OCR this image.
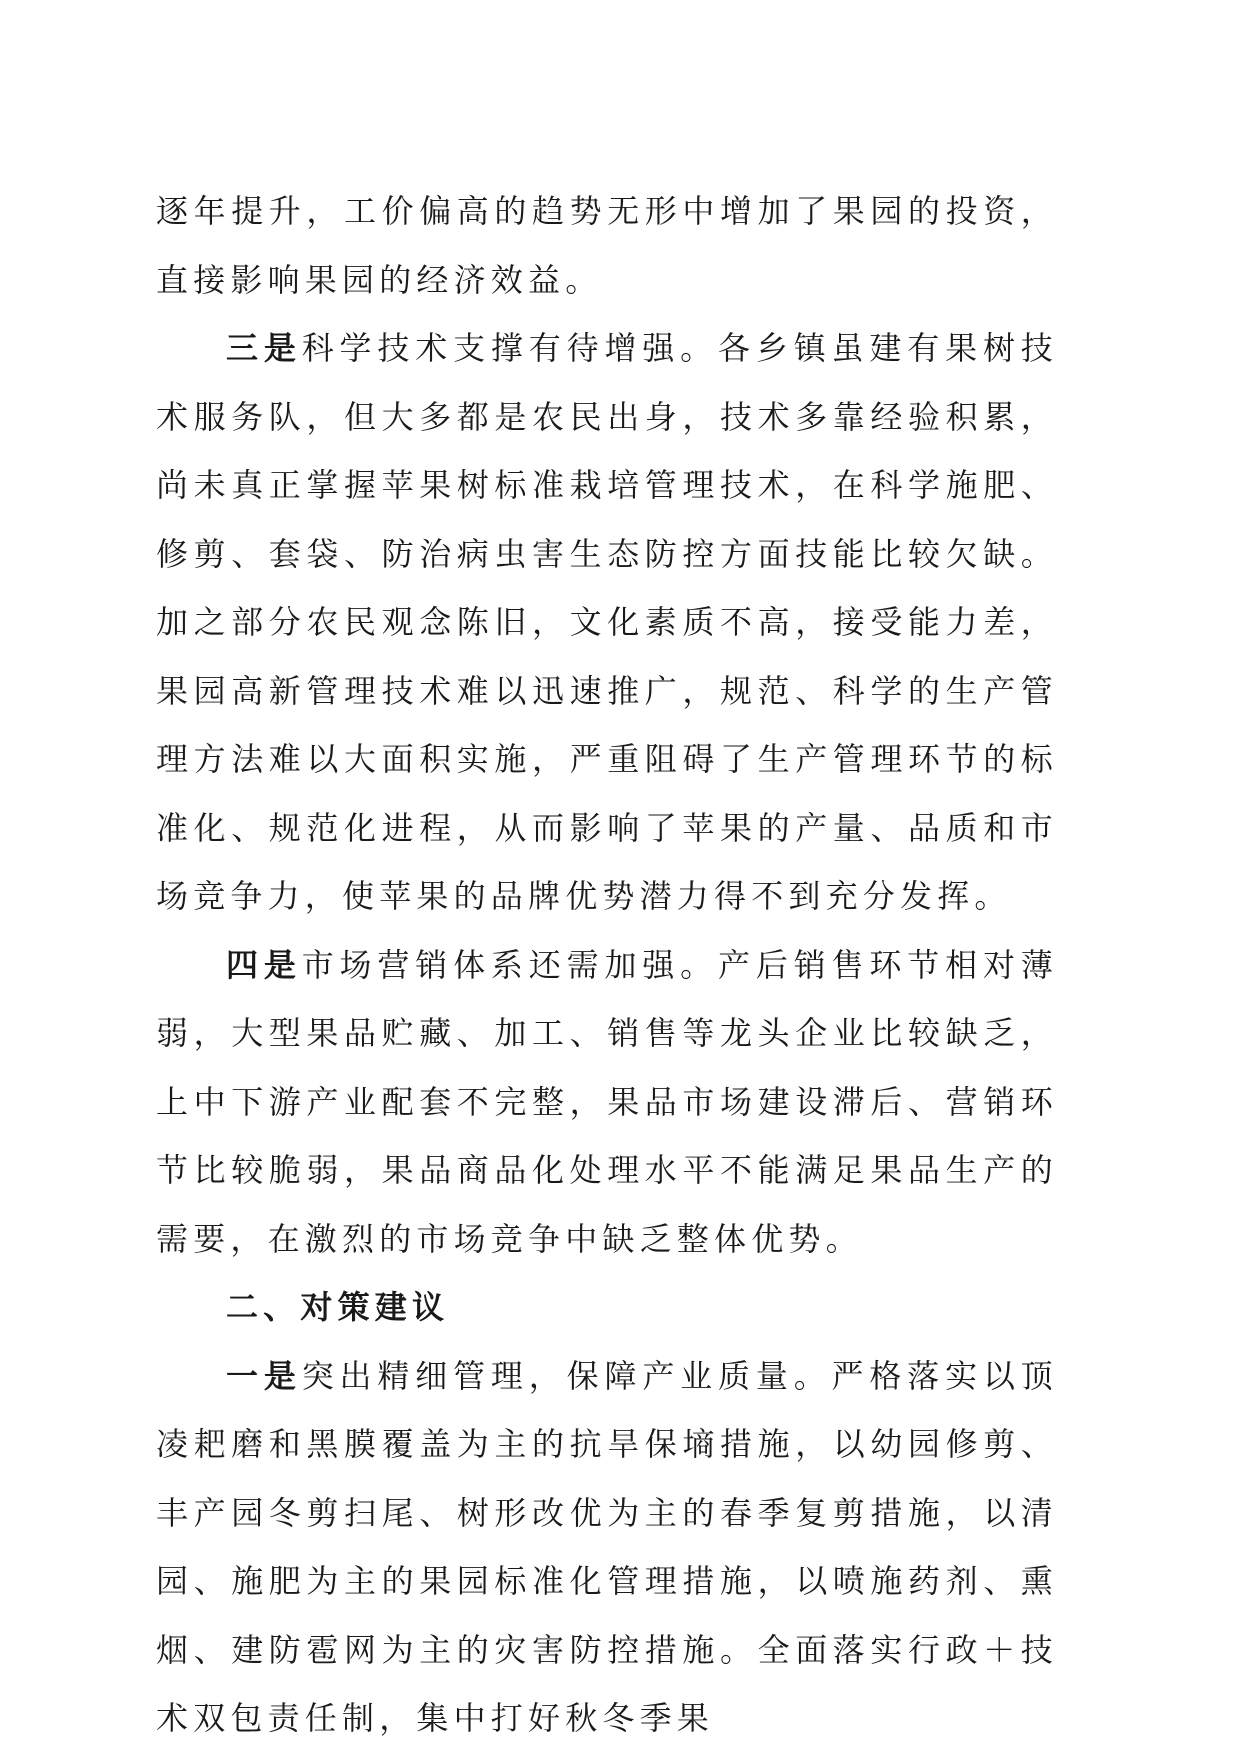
逐年提升，工价偏高的趋势无形中增加了果园的投资，直接影响果园的经济效益。

三是科学技术支撑有待增强。各乡镇虽建有果树技术服务队，但大多都是农民出身，技术多靠经验积累，尚未真正掌握苹果树标准栽培管理技术，在科学施肥、修剪、套袋、防治病虫害生态防控方面技能比较欠缺。加之部分农民观念陈旧，文化素质不高，接受能力差，果园高新管理技术难以迅速推广，规范、科学的生产管理方法难以大面积实施，严重阻碍了生产管理环节的标准化、规范化进程，从而影响了苹果的产量、品质和市场竞争力，使苹果的品牌优势潜力得不到充分发挥。

四是市场营销体系还需加强。产后销售环节相对薄弱，大型果品贮藏、加工、销售等龙头企业比较缺乏，上中下游产业配套不完整，果品市场建设滞后、营销环节比较脆弱，果品商品化处理水平不能满足果品生产的需要，在激烈的市场竞争中缺乏整体优势。

二、对策建议

一是突出精细管理，保障产业质量。严格落实以顶凌耙磨和黑膜覆盖为主的抗旱保墒措施，以幼园修剪、丰产园冬剪扫尾、树形改优为主的春季复剪措施，以清园、施肥为主的果园标准化管理措施，以喷施药剂、熏烟、建防雹网为主的灾害防控措施。全面落实行政＋技术双包责任制，集中打好秋冬季果
